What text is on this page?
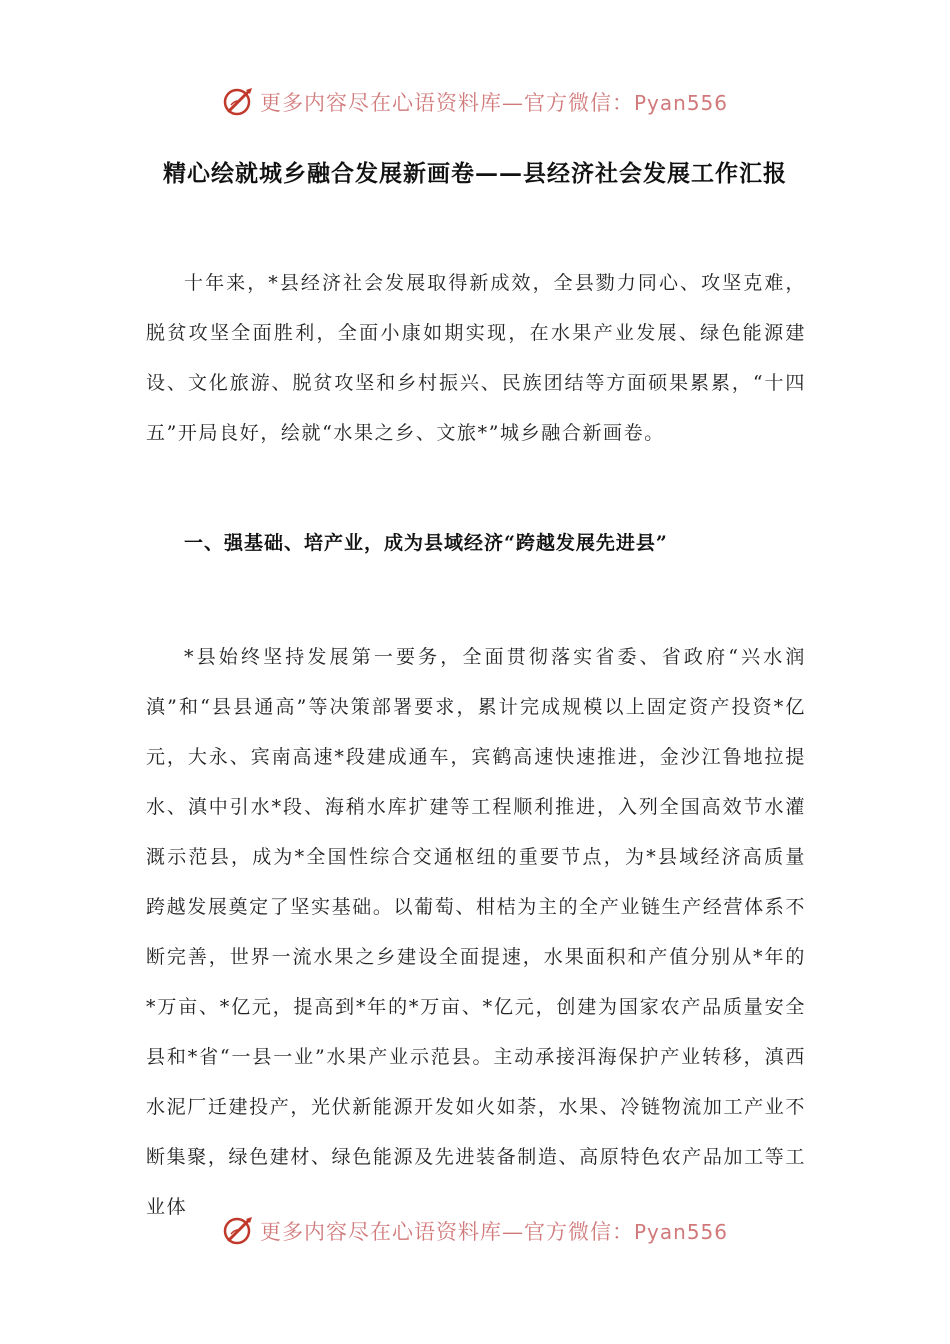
更多内容尽在心语资料库—官方微信：Pyan556
精心绘就城乡融合发展新画卷——县经济社会发展工作汇报

十年来，*县经济社会发展取得新成效，全县勠力同心、攻坚克难，脱贫攻坚全面胜利，全面小康如期实现，在水果产业发展、绿色能源建设、文化旅游、脱贫攻坚和乡村振兴、民族团结等方面硕果累累，“十四五”开局良好，绘就“水果之乡、文旅*”城乡融合新画卷。

一、强基础、培产业，成为县域经济“跨越发展先进县”

*县始终坚持发展第一要务，全面贯彻落实省委、省政府“兴水润滇”和“县县通高”等决策部署要求，累计完成规模以上固定资产投资*亿元，大永、宾南高速*段建成通车，宾鹤高速快速推进，金沙江鲁地拉提水、滇中引水*段、海稍水库扩建等工程顺利推进，入列全国高效节水灌溉示范县，成为*全国性综合交通枢纽的重要节点，为*县域经济高质量跨越发展奠定了坚实基础。以葡萄、柑桔为主的全产业链生产经营体系不断完善，世界一流水果之乡建设全面提速，水果面积和产值分别从*年的*万亩、*亿元，提高到*年的*万亩、*亿元，创建为国家农产品质量安全县和*省“一县一业”水果产业示范县。主动承接洱海保护产业转移，滇西水泥厂迁建投产，光伏新能源开发如火如荼，水果、冷链物流加工产业不断集聚，绿色建材、绿色能源及先进装备制造、高原特色农产品加工等工业体

更多内容尽在心语资料库—官方微信：Pyan556
